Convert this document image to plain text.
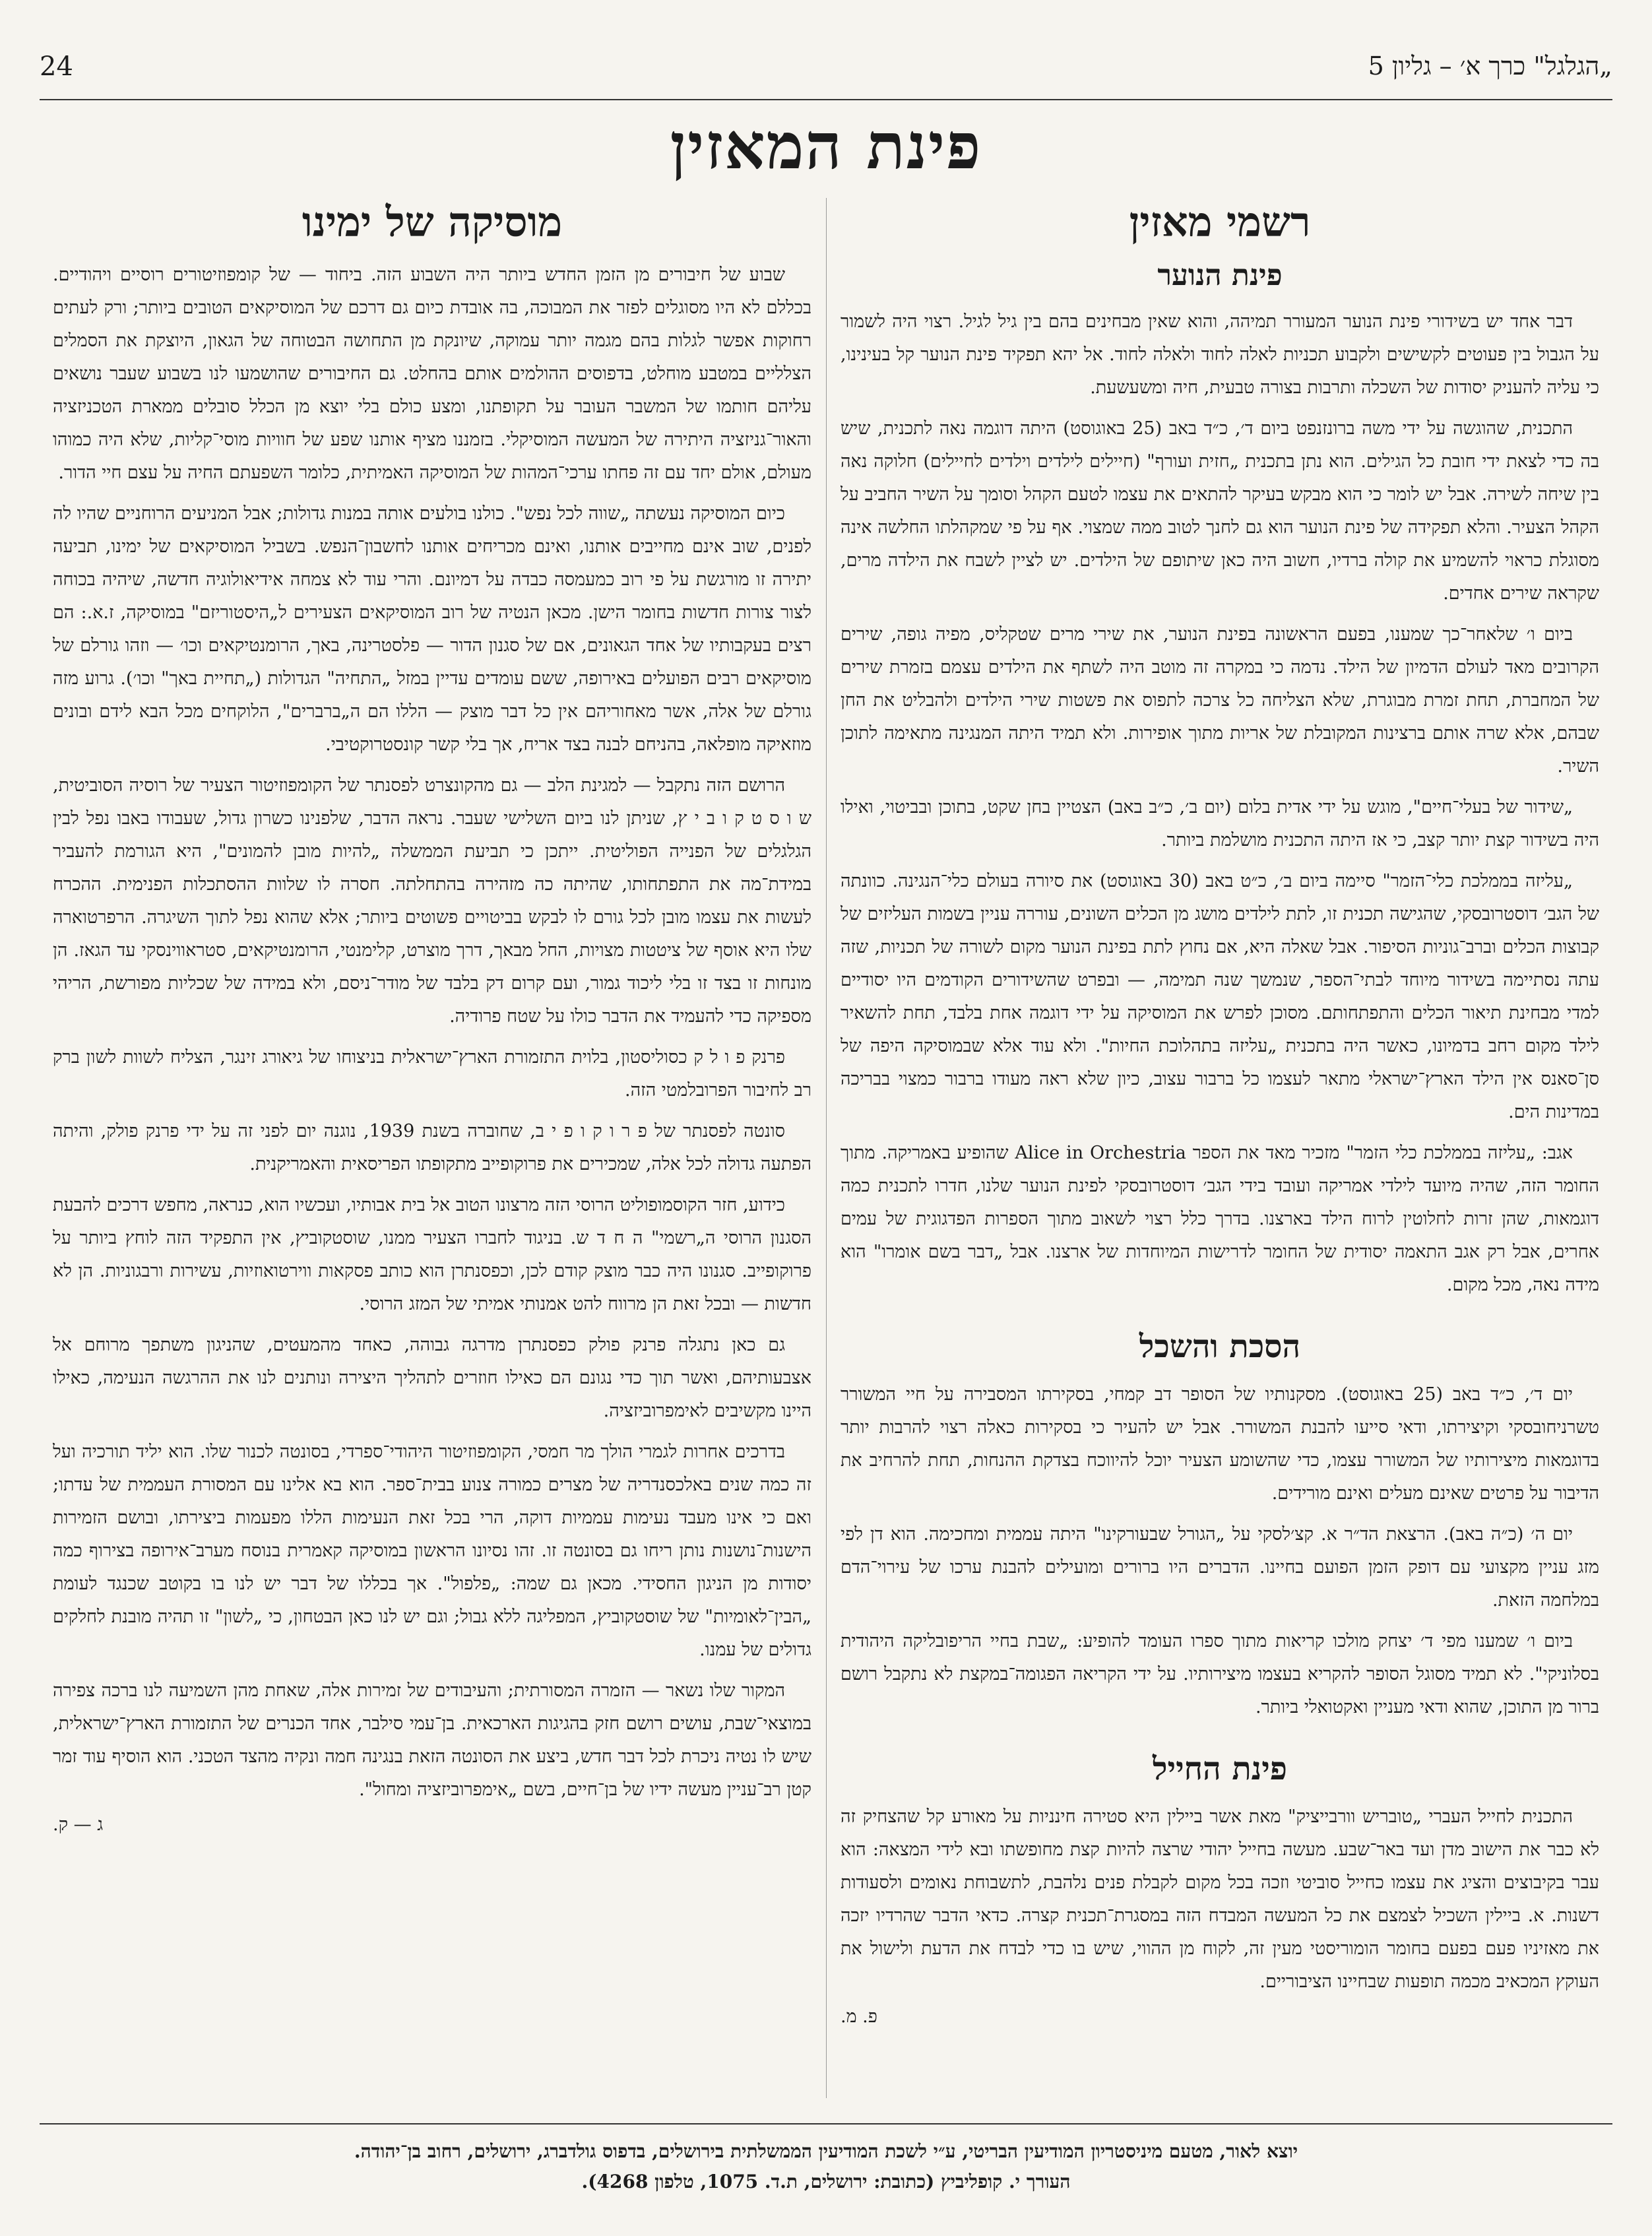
24	„הגלגל" כרך א׳ – גליון 5
פינת המאזין
רשמי מאזין
פינת הנוער

דבר אחד יש בשידורי פינת הנוער המעורר תמיהה, והוא שאין מבחינים בהם בין גיל לגיל. רצוי היה לשמור על הגבול בין פעוטים לקשישים ולקבוע תכניות לאלה לחוד ולאלה לחוד. אל יהא תפקיד פינת הנוער קל בעינינו, כי עליה להעניק יסודות של השכלה ותרבות בצורה טבעית, חיה ומשעשעת.

התכנית, שהוגשה על ידי משה ברונזנפט ביום ד׳, כ״ד באב (25 באוגוסט) היתה דוגמה נאה לתכנית, שיש בה כדי לצאת ידי חובת כל הגילים. הוא נתן בתכנית „חזית ועורף" (חיילים לילדים וילדים לחיילים) חלוקה נאה בין שיחה לשירה. אבל יש לומר כי הוא מבקש בעיקר להתאים את עצמו לטעם הקהל וסומך על השיר החביב על הקהל הצעיר. והלא תפקידה של פינת הנוער הוא גם לחנך לטוב ממה שמצוי. אף על פי שמקהלתו החלשה אינה מסוגלת כראוי להשמיע את קולה ברדיו, חשוב היה כאן שיתופם של הילדים. יש לציין לשבח את הילדה מרים, שקראה שירים אחדים.

ביום ו׳ שלאחר־כך שמענו, בפעם הראשונה בפינת הנוער, את שירי מרים שטקליס, מפיה גופה, שירים הקרובים מאד לעולם הדמיון של הילד. נדמה כי במקרה זה מוטב היה לשתף את הילדים עצמם בזמרת שירים של המחברת, תחת זמרת מבוגרת, שלא הצליחה כל צרכה לתפוס את פשטות שירי הילדים ולהבליט את החן שבהם, אלא שרה אותם ברצינות המקובלת של אריות מתוך אופירות. ולא תמיד היתה המנגינה מתאימה לתוכן השיר.

„שידור של בעלי־חיים", מוגש על ידי אדית בלום (יום ב׳, כ״ב באב) הצטיין בחן שקט, בתוכן ובביטוי, ואילו היה בשידור קצת יותר קצב, כי אז היתה התכנית מושלמת ביותר.

„עליזה בממלכת כלי־הזמר" סיימה ביום ב׳, כ״ט באב (30 באוגוסט) את סיורה בעולם כלי־הנגינה. כוונתה של הגב׳ דוסטרובסקי, שהגישה תכנית זו, לתת לילדים מושג מן הכלים השונים, עוררה עניין בשמות העליזים של קבוצות הכלים וברב־גוניות הסיפור. אבל שאלה היא, אם נחוץ לתת בפינת הנוער מקום לשורה של תכניות, שזה עתה נסתיימה בשידור מיוחד לבתי־הספר, שנמשך שנה תמימה, — ובפרט שהשידורים הקודמים היו יסודיים למדי מבחינת תיאור הכלים והתפתחותם. מסוכן לפרש את המוסיקה על ידי דוגמה אחת בלבד, תחת להשאיר לילד מקום רחב בדמיונו, כאשר היה בתכנית „עליזה בתהלוכת החיות". ולא עוד אלא שבמוסיקה היפה של סן־סאנס אין הילד הארץ־ישראלי מתאר לעצמו כל ברבור עצוב, כיון שלא ראה מעודו ברבור כמצוי בבריכה במדינות הים.

אגב: „עליזה בממלכת כלי הזמר" מזכיר מאד את הספר Alice in Orchestria שהופיע באמריקה. מתוך החומר הזה, שהיה מיועד לילדי אמריקה ועובד בידי הגב׳ דוסטרובסקי לפינת הנוער שלנו, חדרו לתכנית כמה דוגמאות, שהן זרות לחלוטין לרוח הילד בארצנו. בדרך כלל רצוי לשאוב מתוך הספרות הפדגוגית של עמים אחרים, אבל רק אגב התאמה יסודית של החומר לדרישות המיוחדות של ארצנו. אבל „דבר בשם אומרו" הוא מידה נאה, מכל מקום.

הסכת והשכל

יום ד׳, כ״ד באב (25 באוגוסט). מסקנותיו של הסופר דב קמחי, בסקירתו המסבירה על חיי המשורר טשרניחובסקי וקיצירתו, ודאי סייעו להבנת המשורר. אבל יש להעיר כי בסקירות כאלה רצוי להרבות יותר בדוגמאות מיצירותיו של המשורר עצמו, כדי שהשומע הצעיר יוכל להיווכח בצדקת ההנחות, תחת להרחיב את הדיבור על פרטים שאינם מעלים ואינם מורידים.

יום ה׳ (כ״ה באב). הרצאת הד״ר א. קצ׳לסקי על „הגורל שבעורקינו" היתה עממית ומחכימה. הוא דן לפי מזג עניין מקצועי עם דופק הזמן הפועם בחיינו. הדברים היו ברורים ומועילים להבנת ערכו של עירוי־הדם במלחמה הזאת.

ביום ו׳ שמענו מפי ד׳ יצחק מולכו קריאות מתוך ספרו העומד להופיע: „שבת בחיי הריפובליקה היהודית בסלוניקי". לא תמיד מסוגל הסופר להקריא בעצמו מיצירותיו. על ידי הקריאה הפגומה־במקצת לא נתקבל רושם ברור מן התוכן, שהוא ודאי מעניין ואקטואלי ביותר.

פינת החייל

התכנית לחייל העברי „טובריש וורבייציק" מאת אשר ביילין היא סטירה חינניות על מאורע קל שהצחיק זה לא כבר את הישוב מדן ועד באר־שבע. מעשה בחייל יהודי שרצה להיות קצת מחופשתו ובא לידי המצאה: הוא עבר בקיבוצים והציג את עצמו כחייל סוביטי וזכה בכל מקום לקבלת פנים נלהבת, לתשבוחת נאומים ולסעודות דשנות. א. ביילין השכיל לצמצם את כל המעשה המבדח הזה במסגרת־תכנית קצרה. כדאי הדבר שהרדיו יזכה את מאזיניו פעם בפעם בחומר הומוריסטי מעין זה, לקוח מן ההווי, שיש בו כדי לבדח את הדעת ולישול את העוקץ המכאיב מכמה תופעות שבחיינו הציבוריים.

פ. מ.
מוסיקה של ימינו

שבוע של חיבורים מן הזמן החדש ביותר היה השבוע הזה. ביחוד — של קומפוזיטורים רוסיים ויהודיים. בכללם לא היו מסוגלים לפזר את המבוכה, בה אובדת כיום גם דרכם של המוסיקאים הטובים ביותר; ורק לעתים רחוקות אפשר לגלות בהם מגמה יותר עמוקה, שיונקת מן התחושה הבטוחה של הגאון, היוצקת את הסמלים הצלליים במטבע מוחלט, בדפוסים ההולמים אותם בהחלט. גם החיבורים שהושמעו לנו בשבוע שעבר נושאים עליהם חותמו של המשבר העובר על תקופתנו, ומצע כולם בלי יוצא מן הכלל סובלים ממארת הטכניזציה והאור־גניזציה היתירה של המעשה המוסיקלי. בזמננו מציף אותנו שפע של חוויות מוסי־קליות, שלא היה כמוהו מעולם, אולם יחד עם זה פחתו ערכי־המהות של המוסיקה האמיתית, כלומר השפעתם החיה על עצם חיי הדור.

כיום המוסיקה נעשתה „שווה לכל נפש". כולנו בולעים אותה במנות גדולות; אבל המניעים הרוחניים שהיו לה לפנים, שוב אינם מחייבים אותנו, ואינם מכריחים אותנו לחשבון־הנפש. בשביל המוסיקאים של ימינו, תביעה יתירה זו מורגשת על פי רוב כמעמסה כבדה על דמיונם. והרי עוד לא צמחה אידיאולוגיה חדשה, שיהיה בכוחה לצור צורות חדשות בחומר הישן. מכאן הנטיה של רוב המוסיקאים הצעירים ל„היסטוריזם" במוסיקה, ז.א.: הם רצים בעקבותיו של אחד הגאונים, אם של סגנון הדור — פלסטרינה, באך, הרומנטיקאים וכו׳ — וזהו גורלם של מוסיקאים רבים הפועלים באירופה, ששם עומדים עדיין במזל „התחיה" הגדולות („תחיית באך" וכו׳). גרוע מזה גורלם של אלה, אשר מאחוריהם אין כל דבר מוצק — הללו הם ה„ברברים", הלוקחים מכל הבא לידם ובונים מוזאיקה מופלאה, בהניחם לבנה בצד אריח, אך בלי קשר קונסטרוקטיבי.

הרושם הזה נתקבל — למגינת הלב — גם מהקונצרט לפסנתר של הקומפוזיטור הצעיר של רוסיה הסוביטית, ש ו ס ט ק ו ב י ץ, שניתן לנו ביום השלישי שעבר. נראה הדבר, שלפנינו כשרון גדול, שעבודו באבו נפל לבין הגלגלים של הפנייה הפוליטית. ייתכן כי תביעת הממשלה „להיות מובן להמונים", היא הגורמת להעביר במידת־מה את התפתחותו, שהיתה כה מזהירה בהתחלתה. חסרה לו שלוות ההסתכלות הפנימית. ההכרח לעשות את עצמו מובן לכל גורם לו לבקש בביטויים פשוטים ביותר; אלא שהוא נפל לתוך השיגרה. הרפרטוארה שלו היא אוסף של ציטטות מצויות, החל מבאך, דרך מוצרט, קלימנטי, הרומנטיקאים, סטראווינסקי עד הגאז. הן מונחות זו בצד זו בלי ליכוד גמור, ועם קרום דק בלבד של מודר־ניסם, ולא במידה של שכליות מפורשת, הריהי מספיקה כדי להעמיד את הדבר כולו על שטח פרודיה.

פרנק פ ו ל ק כסוליסטון, בלוית התזמורת הארץ־ישראלית בניצוחו של גיאורג זינגר, הצליח לשוות לשון ברק רב לחיבור הפרובלמטי הזה.

סונטה לפסנתר של פ ר ו ק ו פ י ב, שחוברה בשנת 1939, נוגנה יום לפני זה על ידי פרנק פולק, והיתה הפתעה גדולה לכל אלה, שמכירים את פרוקופייב מתקופתו הפריסאית והאמריקנית.

כידוע, חזר הקוסמופוליט הרוסי הזה מרצונו הטוב אל בית אבותיו, ועכשיו הוא, כנראה, מחפש דרכים להבעת הסגנון הרוסי ה„רשמי" ה ח ד ש. בניגוד לחברו הצעיר ממנו, שוסטקוביץ, אין התפקיד הזה לוחץ ביותר על פרוקופייב. סגנונו היה כבר מוצק קודם לכן, וכפסנתרן הוא כותב פסקאות ווירטואוזיות, עשירות ורבגוניות. הן לא חדשות — ובכל זאת הן מרווח להט אמנותי אמיתי של המזג הרוסי.

גם כאן נתגלה פרנק פולק כפסנתרן מדרגה גבוהה, כאחד מהמעטים, שהניגון משתפך מרוחם אל אצבעותיהם, ואשר תוך כדי נגונם הם כאילו חוזרים לתהליך היצירה ונותנים לנו את ההרגשה הנעימה, כאילו היינו מקשיבים לאימפרוביזציה.

בדרכים אחרות לגמרי הולך מר חמסי, הקומפוזיטור היהודי־ספרדי, בסונטה לכנור שלו. הוא יליד תורכיה ועל זה כמה שנים באלכסנדריה של מצרים כמורה צנוע בבית־ספר. הוא בא אלינו עם המסורת העממית של עדתו; ואם כי אינו מעבד נעימות עממיות דוקה, הרי בכל זאת הנעימות הללו מפעמות ביצירתו, ובושם הזמירות הישנות־נושנות נותן ריחו גם בסונטה זו. זהו נסיונו הראשון במוסיקה קאמרית בנוסח מערב־אירופה בצירוף כמה יסודות מן הניגון החסידי. מכאן גם שמה: „פלפול". אך בכללו של דבר יש לנו בו בקוטב שכנגד לעומת „הבין־לאומיות" של שוסטקוביץ, המפליגה ללא גבול; וגם יש לנו כאן הבטחון, כי „לשון" זו תהיה מובנת לחלקים גדולים של עמנו.

המקור שלו נשאר — הזמרה המסורתית; והעיבודים של זמירות אלה, שאחת מהן השמיעה לנו ברכה צפירה במוצאי־שבת, עושים רושם חזק בהגיגות הארכאית. בן־עמי סילבר, אחד הכנרים של התזמורת הארץ־ישראלית, שיש לו נטיה ניכרת לכל דבר חדש, ביצע את הסונטה הזאת בנגינה חמה ונקיה מהצד הטכני. הוא הוסיף עוד זמר קטן רב־עניין מעשה ידיו של בן־חיים, בשם „אימפרוביזציה ומחול".

ג — ק.
יוצא לאור, מטעם מיניסטריון המודיעין הבריטי, ע״י לשכת המודיעין הממשלתית בירושלים, בדפוס גולדברג, ירושלים, רחוב בן־יהודה.
העורך י. קופליביץ (כתובת: ירושלים, ת.ד. 1075, טלפון 4268).
